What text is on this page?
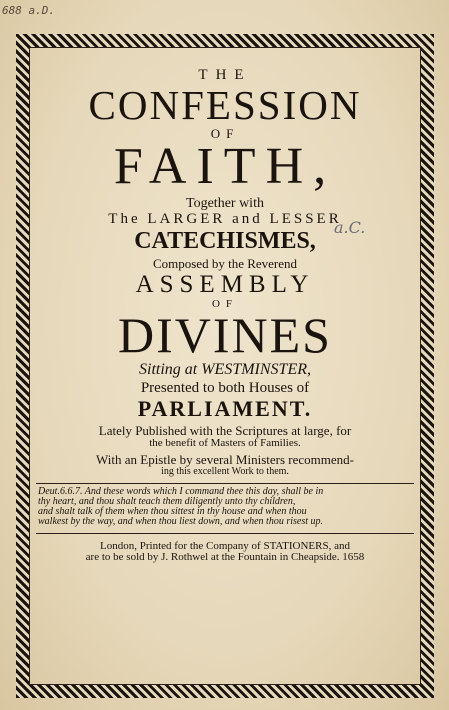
688 a.D.
a.C.
THE
CONFESSION
OF
FAITH,
Together with
The LARGER and LESSER
CATECHISMES,
Composed by the Reverend
ASSEMBLY
OF
DIVINES
Sitting at WESTMINSTER,
Presented to both Houses of
PARLIAMENT.
Lately Published with the Scriptures at large, for
the benefit of Masters of Families.
With an Epistle by several Ministers recommend-
ing this excellent Work to them.
Deut.6.6.7. And these words which I command thee this day, shall be in
thy heart, and thou shalt teach them diligently unto thy children,
and shalt talk of them when thou sittest in thy house and when thou
walkest by the way, and when thou liest down, and when thou risest up.
London, Printed for the Company of STATIONERS, and
are to be sold by J. Rothwel at the Fountain in Cheapside. 1658
